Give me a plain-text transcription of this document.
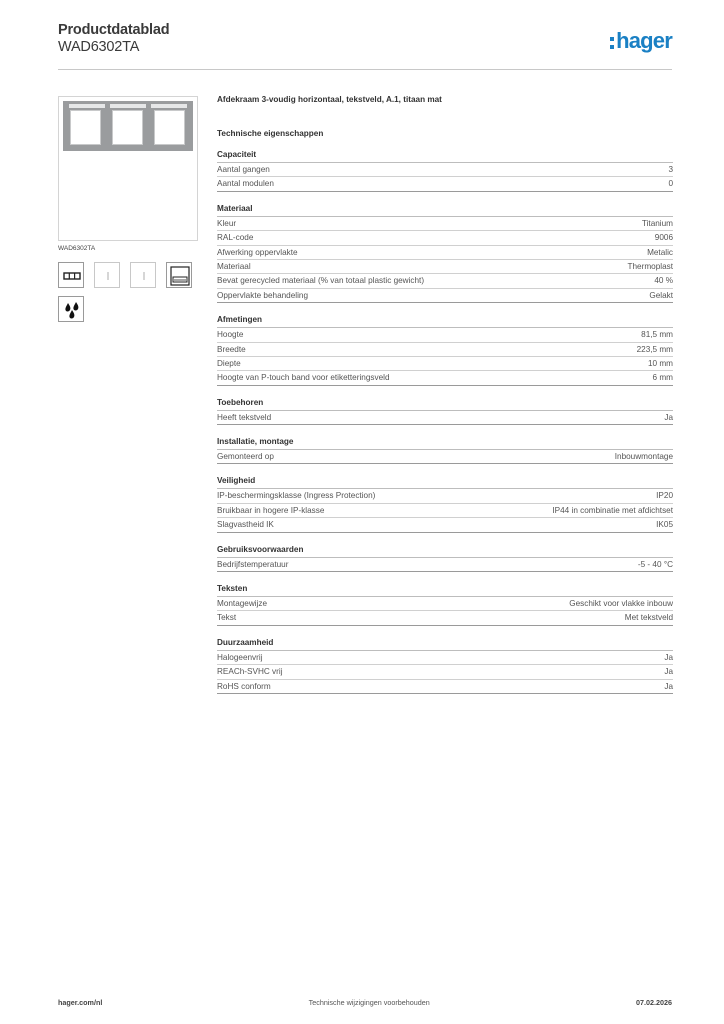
Productdatablad
WAD6302TA	hager
WAD6302TA
Afdekraam 3-voudig horizontaal, tekstveld, A.1, titaan mat
Technische eigenschappen
Capaciteit
Aantal gangen	3
Aantal modulen	0
Materiaal
Kleur	Titanium
RAL-code	9006
Afwerking oppervlakte	Metalic
Materiaal	Thermoplast
Bevat gerecycled materiaal (% van totaal plastic gewicht)	40 %
Oppervlakte behandeling	Gelakt
Afmetingen
Hoogte	81,5 mm
Breedte	223,5 mm
Diepte	10 mm
Hoogte van P-touch band voor etiketteringsveld	6 mm
Toebehoren
Heeft tekstveld	Ja
Installatie, montage
Gemonteerd op	Inbouwmontage
Veiligheid
IP-beschermingsklasse (Ingress Protection)	IP20
Bruikbaar in hogere IP-klasse	IP44 in combinatie met afdichtset
Slagvastheid IK	IK05
Gebruiksvoorwaarden
Bedrijfstemperatuur	-5 - 40 °C
Teksten
Montagewijze	Geschikt voor vlakke inbouw
Tekst	Met tekstveld
Duurzaamheid
Halogeenvrij	Ja
REACh-SVHC vrij	Ja
RoHS conform	Ja
hager.com/nl	Technische wijzigingen voorbehouden	07.02.2026
